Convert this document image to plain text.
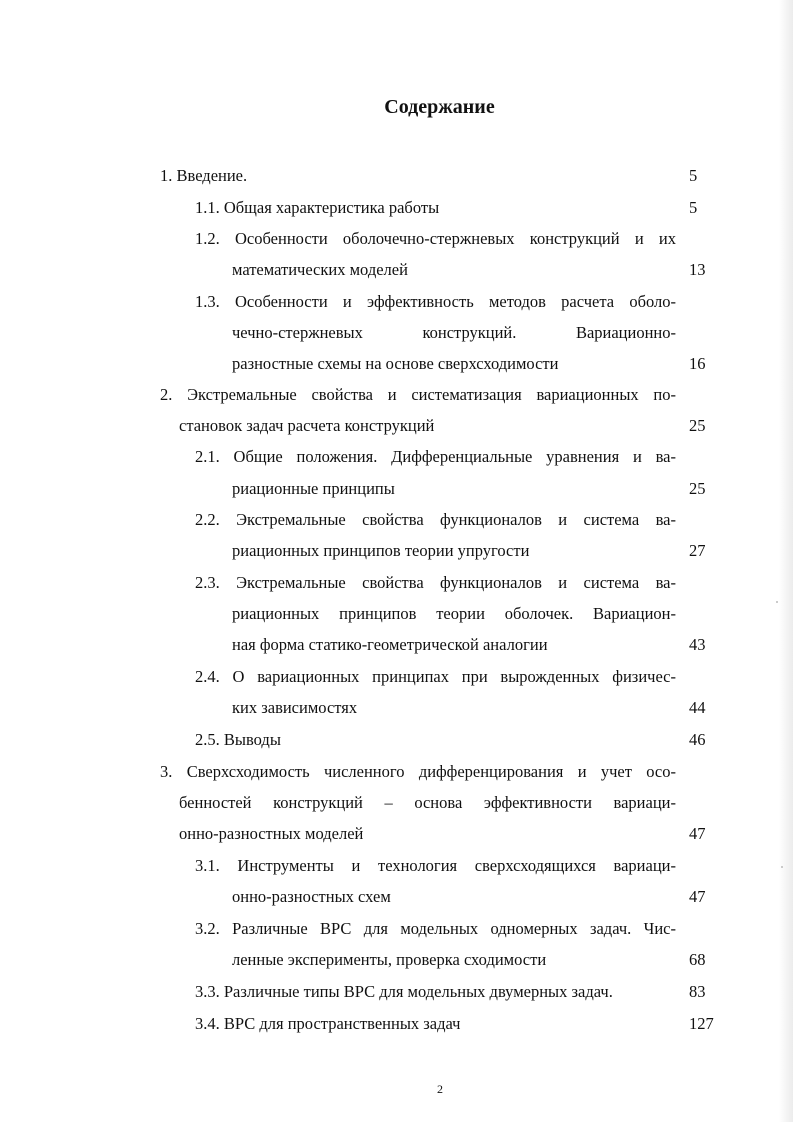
Содержание
1. Введение.	5
1.1. Общая характеристика работы	5
1.2. Особенности оболочечно-стержневых конструкций и их
математических моделей	13
1.3. Особенности и эффективность методов расчета оболо-
чечно-стержневых конструкций. Вариационно-
разностные схемы на основе сверхсходимости	16
2. Экстремальные свойства и систематизация вариационных по-
становок задач расчета конструкций	25
2.1. Общие положения. Дифференциальные уравнения и ва-
риационные принципы	25
2.2. Экстремальные свойства функционалов и система ва-
риационных принципов теории упругости	27
2.3. Экстремальные свойства функционалов и система ва-
риационных принципов теории оболочек. Вариацион-
ная форма статико-геометрической аналогии	43
2.4. О вариационных принципах при вырожденных физичес-
ких зависимостях	44
2.5. Выводы	46
3. Сверхсходимость численного дифференцирования и учет осо-
бенностей конструкций – основа эффективности вариаци-
онно-разностных моделей	47
3.1. Инструменты и технология сверхсходящихся вариаци-
онно-разностных схем	47
3.2. Различные ВРС для модельных одномерных задач. Чис-
ленные эксперименты, проверка сходимости	68
3.3. Различные типы ВРС для модельных двумерных задач.	83
3.4. ВРС для пространственных задач	127
2
